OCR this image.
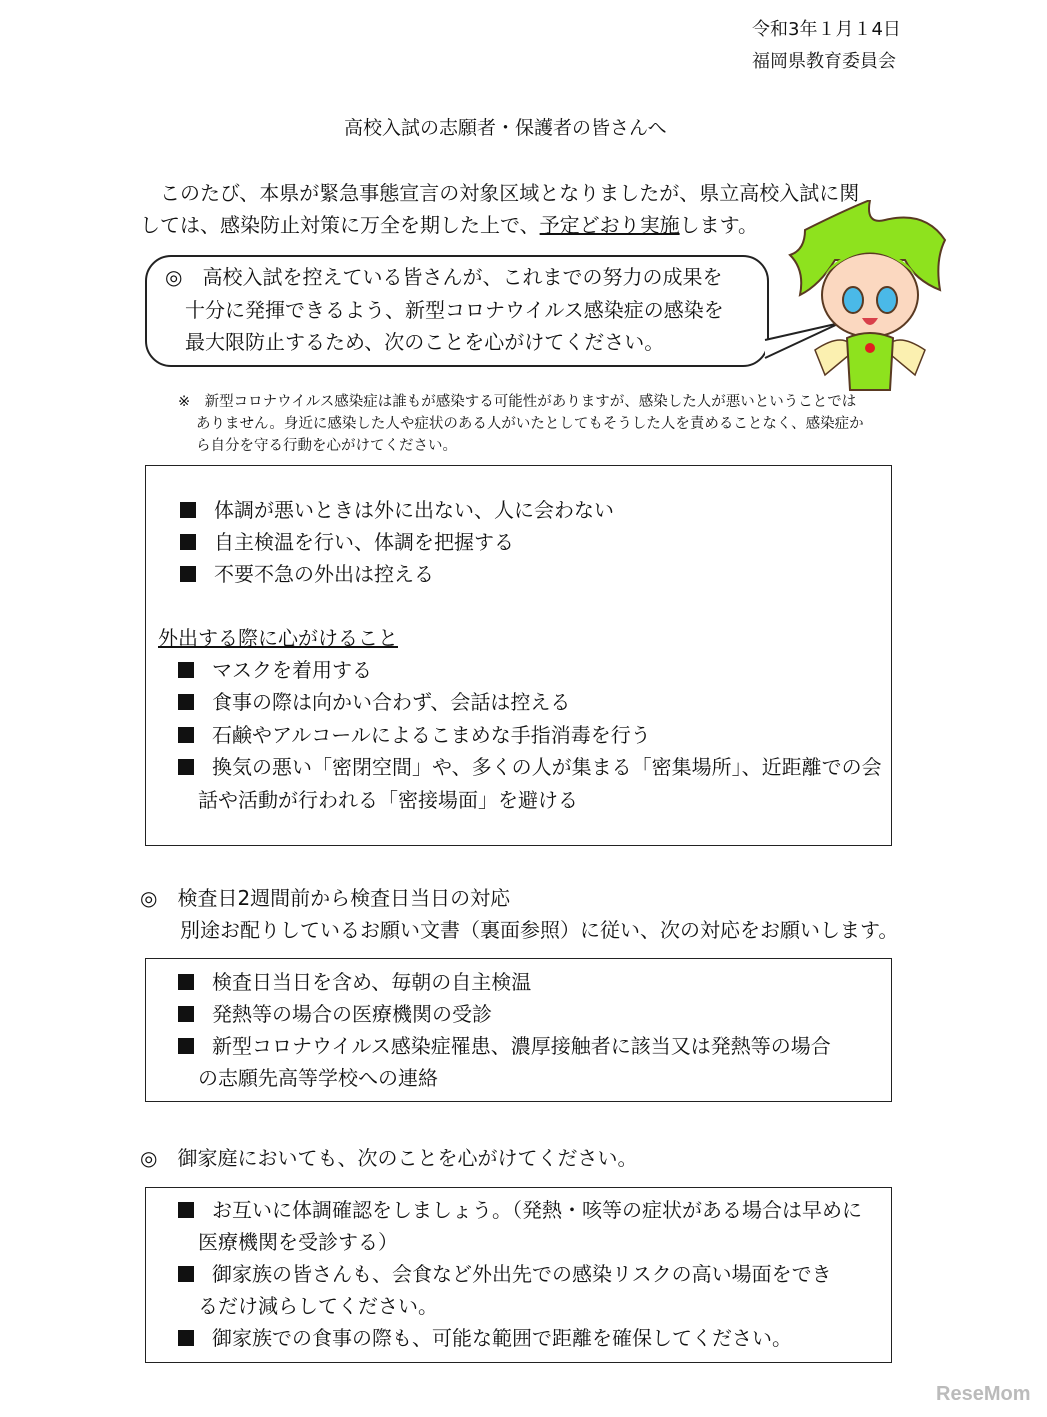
令和3年１月１4日
福岡県教育委員会
高校入試の志願者・保護者の皆さんへ
このたび、本県が緊急事態宣言の対象区域となりましたが、県立高校入試に関
しては、感染防止対策に万全を期した上で、予定どおり実施します。
◎　高校入試を控えている皆さんが、これまでの努力の成果を
十分に発揮できるよう、新型コロナウイルス感染症の感染を
最大限防止するため、次のことを心がけてください。
※　新型コロナウイルス感染症は誰もが感染する可能性がありますが、感染した人が悪いということでは
ありません。身近に感染した人や症状のある人がいたとしてもそうした人を責めることなく、感染症か
ら自分を守る行動を心がけてください。
体調が悪いときは外に出ない、人に会わない
自主検温を行い、体調を把握する
不要不急の外出は控える
外出する際に心がけること
マスクを着用する
食事の際は向かい合わず、会話は控える
石鹸やアルコールによるこまめな手指消毒を行う
換気の悪い「密閉空間」や、多くの人が集まる「密集場所」、近距離での会
話や活動が行われる「密接場面」を避ける
◎　検査日2週間前から検査日当日の対応
別途お配りしているお願い文書（裏面参照）に従い、次の対応をお願いします。
検査日当日を含め、毎朝の自主検温
発熱等の場合の医療機関の受診
新型コロナウイルス感染症罹患、濃厚接触者に該当又は発熱等の場合
の志願先高等学校への連絡
◎　御家庭においても、次のことを心がけてください。
お互いに体調確認をしましょう。（発熱・咳等の症状がある場合は早めに
医療機関を受診する）
御家族の皆さんも、会食など外出先での感染リスクの高い場面をでき
るだけ減らしてください。
御家族での食事の際も、可能な範囲で距離を確保してください。
ReseMom
